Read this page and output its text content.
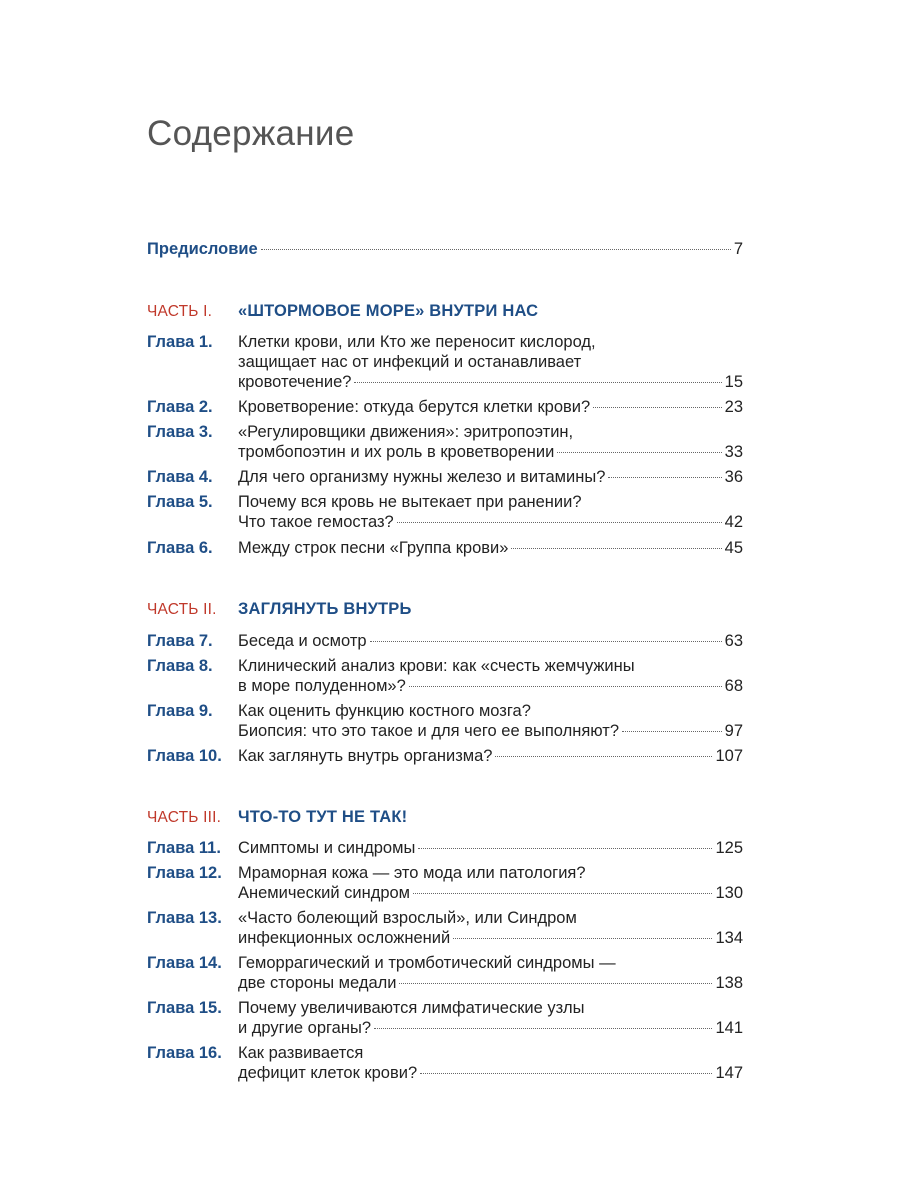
Содержание
Предисловие	7
ЧАСТЬ I.	«ШТОРМОВОЕ МОРЕ» ВНУТРИ НАС
Глава 1.	Клетки крови, или Кто же переносит кислород,
защищает нас от инфекций и останавливает
кровотечение?	15
Глава 2.	Кроветворение: откуда берутся клетки крови?	23
Глава 3.	«Регулировщики движения»: эритропоэтин,
тромбопоэтин и их роль в кроветворении	33
Глава 4.	Для чего организму нужны железо и витамины?	36
Глава 5.	Почему вся кровь не вытекает при ранении?
Что такое гемостаз?	42
Глава 6.	Между строк песни «Группа крови»	45
ЧАСТЬ II.	ЗАГЛЯНУТЬ ВНУТРЬ
Глава 7.	Беседа и осмотр	63
Глава 8.	Клинический анализ крови: как «счесть жемчужины
в море полуденном»?	68
Глава 9.	Как оценить функцию костного мозга?
Биопсия: что это такое и для чего ее выполняют?	97
Глава 10. Как заглянуть внутрь организма?	107
ЧАСТЬ III.	ЧТО-ТО ТУТ НЕ ТАК!
Глава 11.	Симптомы и синдромы	125
Глава 12. Мраморная кожа — это мода или патология?
Анемический синдром	130
Глава 13. «Часто болеющий взрослый», или Синдром
инфекционных осложнений	134
Глава 14. Геморрагический и тромботический синдромы —
две стороны медали	138
Глава 15. Почему увеличиваются лимфатические узлы
и другие органы?	141
Глава 16. Как развивается
дефицит клеток крови?	147
